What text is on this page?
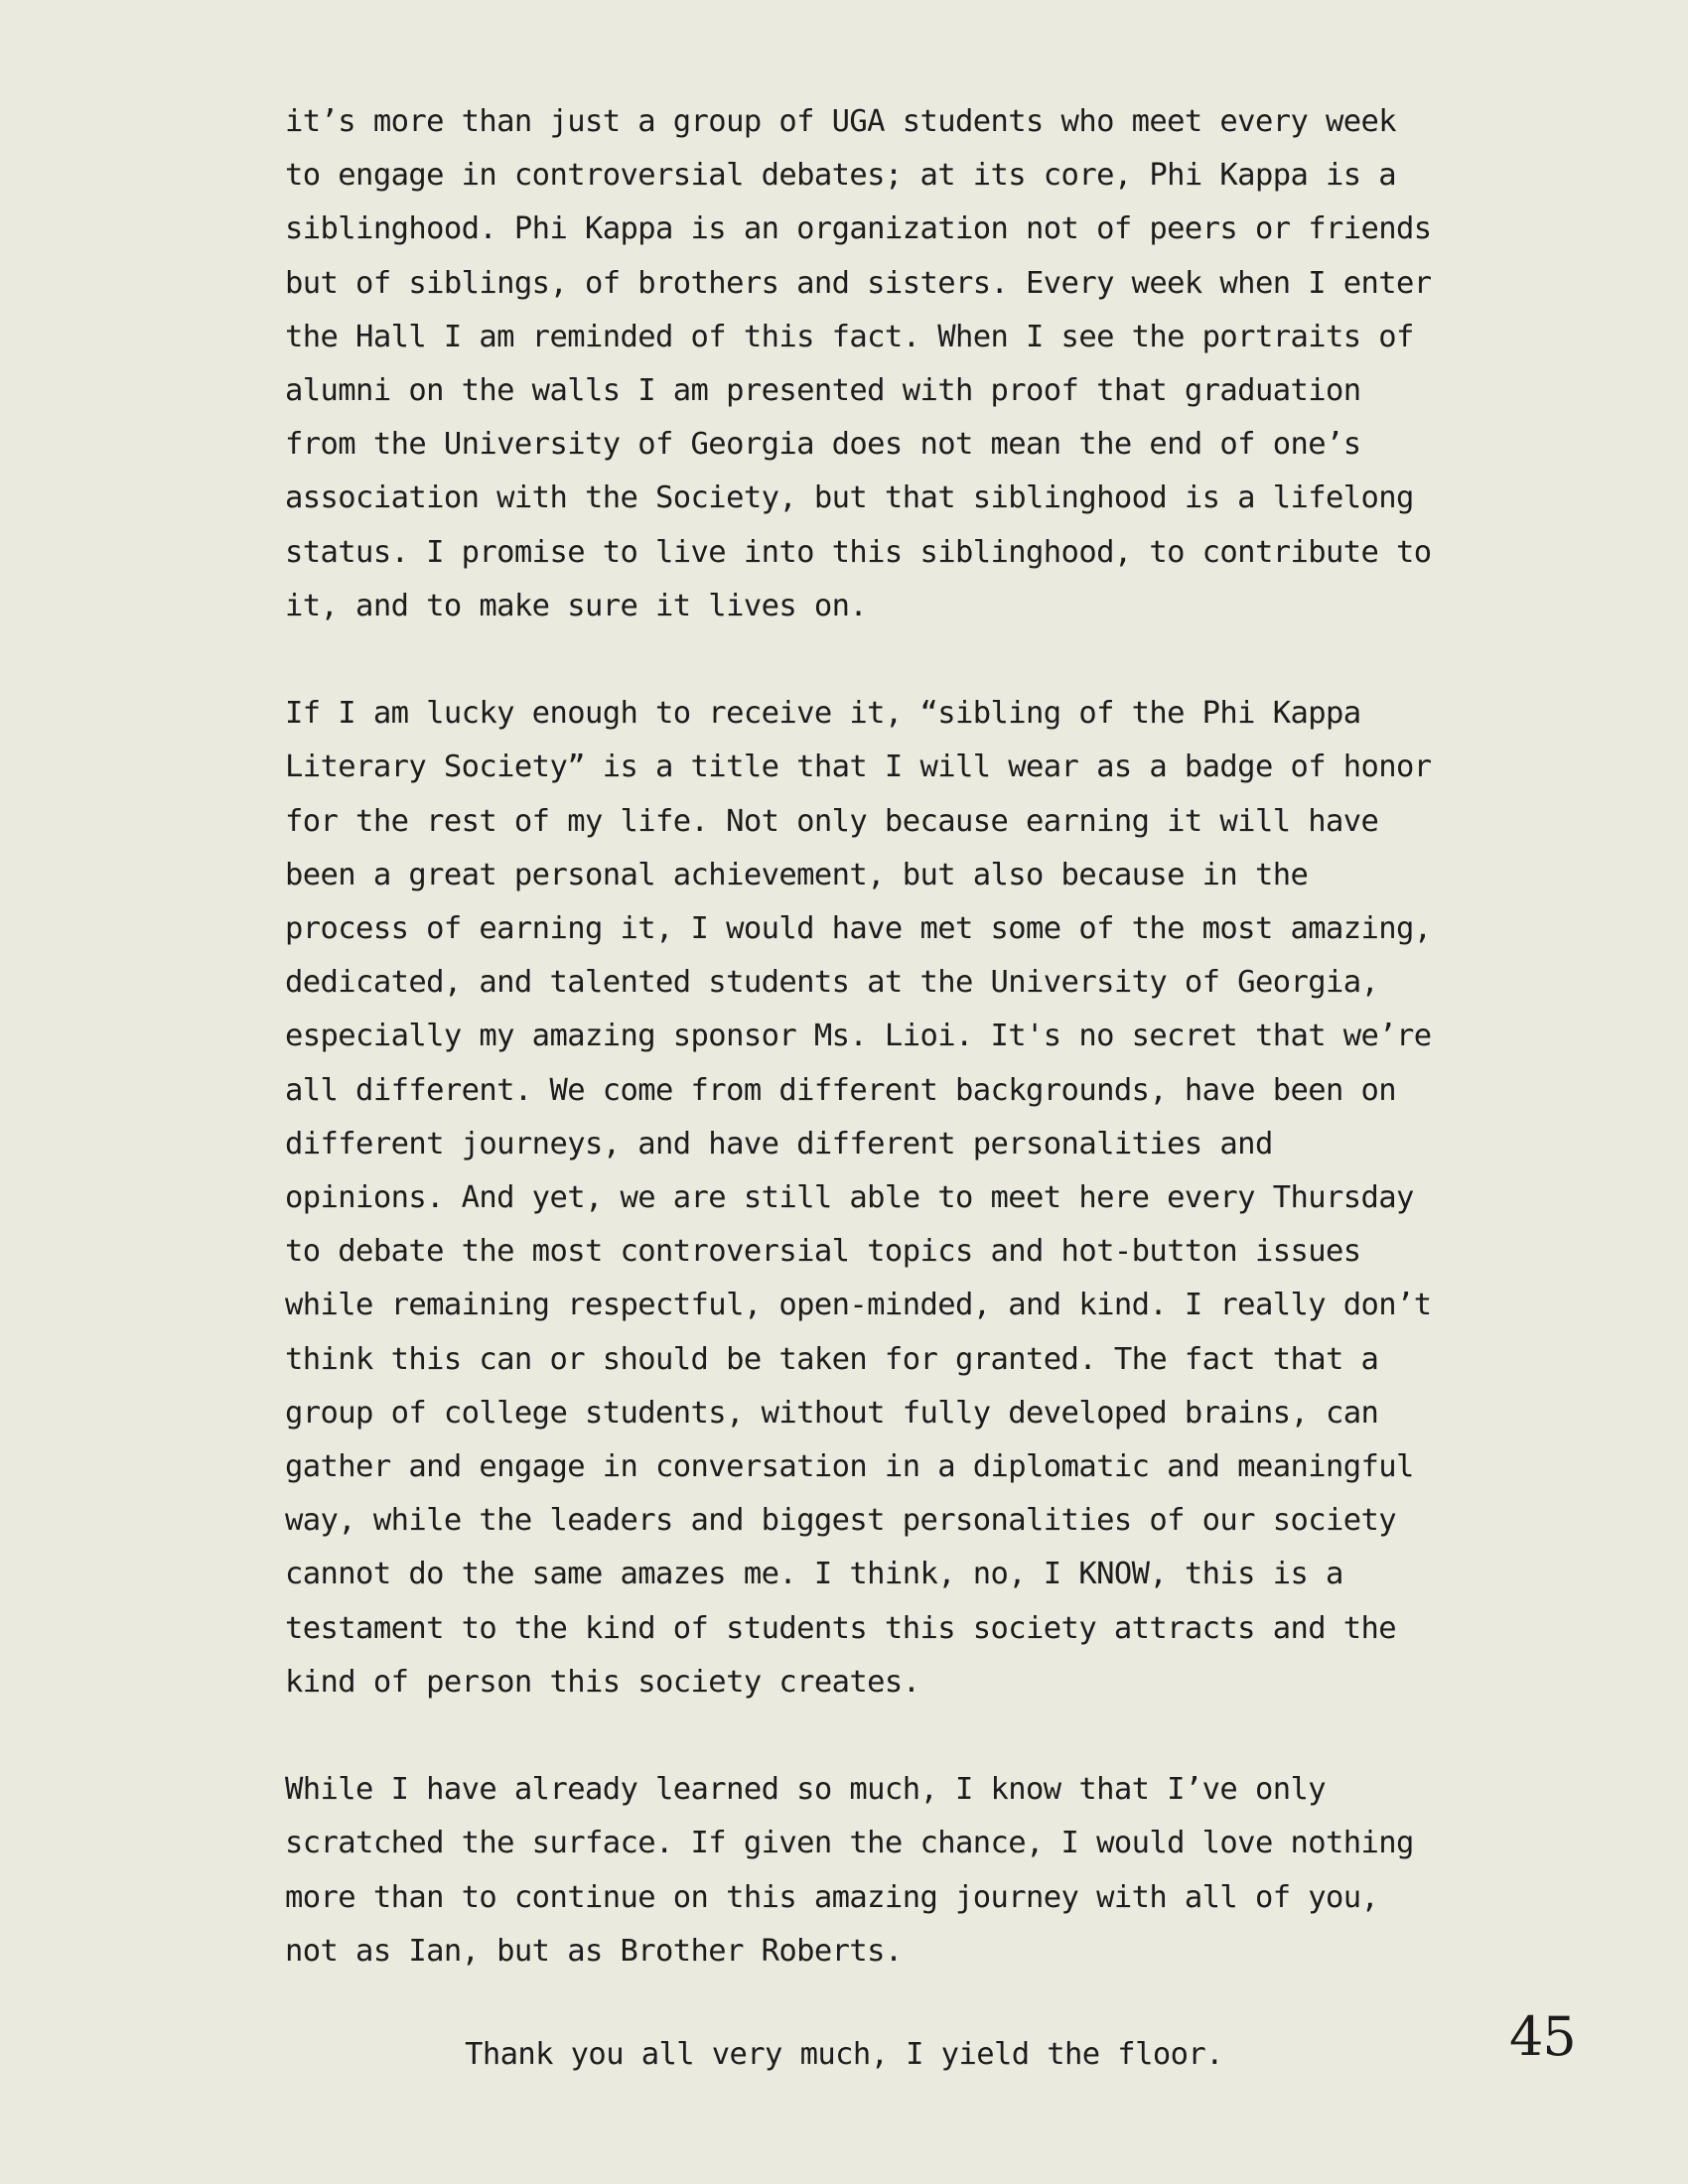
it’s more than just a group of UGA students who meet every week
to engage in controversial debates; at its core, Phi Kappa is a
siblinghood. Phi Kappa is an organization not of peers or friends
but of siblings, of brothers and sisters. Every week when I enter
the Hall I am reminded of this fact. When I see the portraits of
alumni on the walls I am presented with proof that graduation
from the University of Georgia does not mean the end of one’s
association with the Society, but that siblinghood is a lifelong
status. I promise to live into this siblinghood, to contribute to
it, and to make sure it lives on.

If I am lucky enough to receive it, “sibling of the Phi Kappa
Literary Society” is a title that I will wear as a badge of honor
for the rest of my life. Not only because earning it will have
been a great personal achievement, but also because in the
process of earning it, I would have met some of the most amazing,
dedicated, and talented students at the University of Georgia,
especially my amazing sponsor Ms. Lioi. It's no secret that we’re
all different. We come from different backgrounds, have been on
different journeys, and have different personalities and
opinions. And yet, we are still able to meet here every Thursday
to debate the most controversial topics and hot-button issues
while remaining respectful, open-minded, and kind. I really don’t
think this can or should be taken for granted. The fact that a
group of college students, without fully developed brains, can
gather and engage in conversation in a diplomatic and meaningful
way, while the leaders and biggest personalities of our society
cannot do the same amazes me. I think, no, I KNOW, this is a
testament to the kind of students this society attracts and the
kind of person this society creates.

While I have already learned so much, I know that I’ve only
scratched the surface. If given the chance, I would love nothing
more than to continue on this amazing journey with all of you,
not as Ian, but as Brother Roberts.

Thank you all very much, I yield the floor.	45
